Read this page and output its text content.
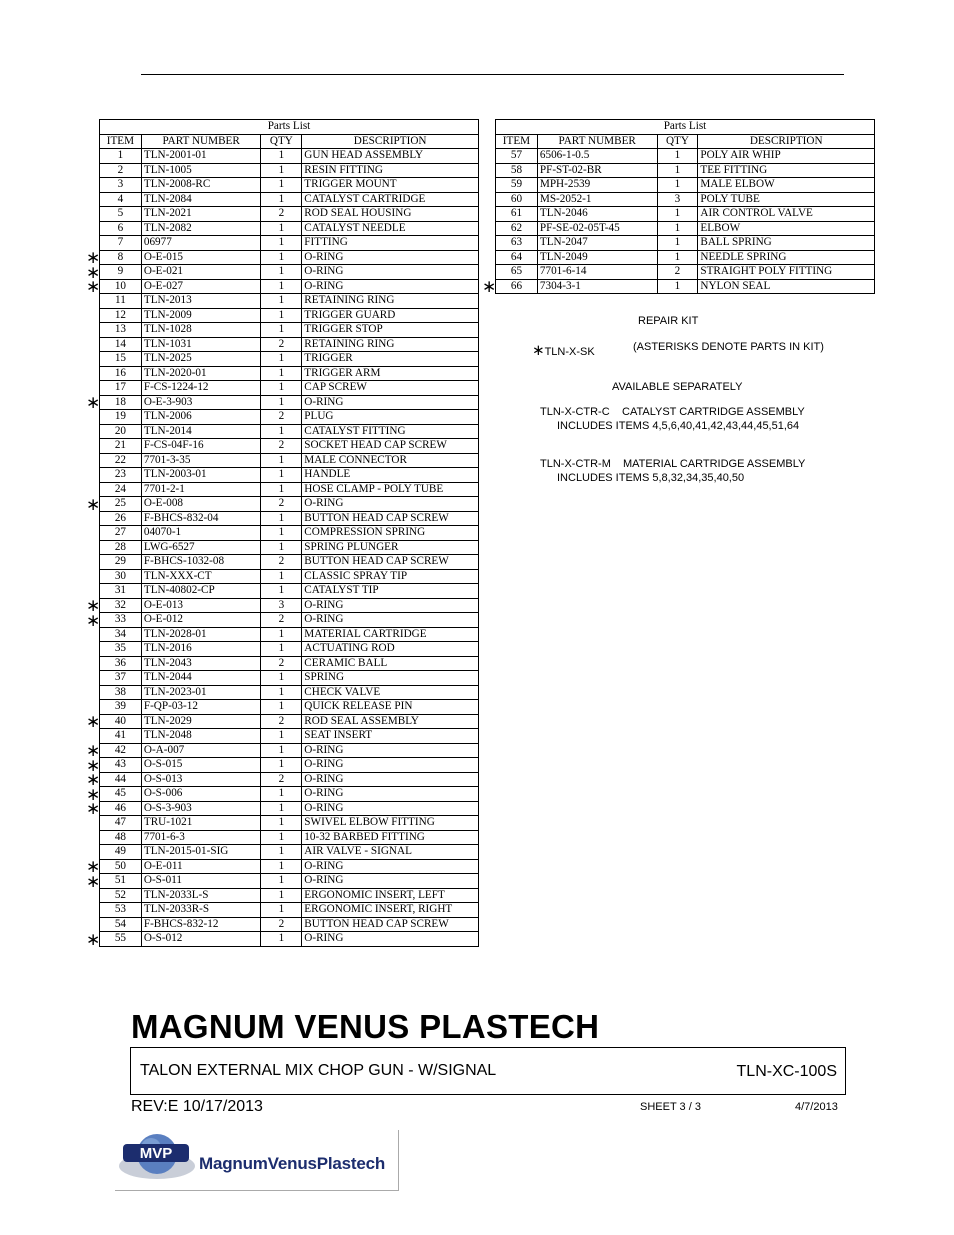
Parts List			
ITEM	PART NUMBER	QTY	DESCRIPTION
1	TLN-2001-01	1	GUN HEAD ASSEMBLY
2	TLN-1005	1	RESIN FITTING
3	TLN-2008-RC	1	TRIGGER MOUNT
4	TLN-2084	1	CATALYST CARTRIDGE
5	TLN-2021	2	ROD SEAL HOUSING
6	TLN-2082	1	CATALYST NEEDLE
7	06977	1	FITTING
8	O-E-015	1	O-RING
9	O-E-021	1	O-RING
10	O-E-027	1	O-RING
11	TLN-2013	1	RETAINING RING
12	TLN-2009	1	TRIGGER GUARD
13	TLN-1028	1	TRIGGER STOP
14	TLN-1031	2	RETAINING RING
15	TLN-2025	1	TRIGGER
16	TLN-2020-01	1	TRIGGER ARM
17	F-CS-1224-12	1	CAP SCREW
18	O-E-3-903	1	O-RING
19	TLN-2006	2	PLUG
20	TLN-2014	1	CATALYST FITTING
21	F-CS-04F-16	2	SOCKET HEAD CAP SCREW
22	7701-3-35	1	MALE CONNECTOR
23	TLN-2003-01	1	HANDLE
24	7701-2-1	1	HOSE CLAMP - POLY TUBE
25	O-E-008	2	O-RING
26	F-BHCS-832-04	1	BUTTON HEAD CAP SCREW
27	04070-1	1	COMPRESSION SPRING
28	LWG-6527	1	SPRING PLUNGER
29	F-BHCS-1032-08	2	BUTTON HEAD CAP SCREW
30	TLN-XXX-CT	1	CLASSIC SPRAY TIP
31	TLN-40802-CP	1	CATALYST TIP
32	O-E-013	3	O-RING
33	O-E-012	2	O-RING
34	TLN-2028-01	1	MATERIAL CARTRIDGE
35	TLN-2016	1	ACTUATING ROD
36	TLN-2043	2	CERAMIC BALL
37	TLN-2044	1	SPRING
38	TLN-2023-01	1	CHECK VALVE
39	F-QP-03-12	1	QUICK RELEASE PIN
40	TLN-2029	2	ROD SEAL ASSEMBLY
41	TLN-2048	1	SEAT INSERT
42	O-A-007	1	O-RING
43	O-S-015	1	O-RING
44	O-S-013	2	O-RING
45	O-S-006	1	O-RING
46	O-S-3-903	1	O-RING
47	TRU-1021	1	SWIVEL ELBOW FITTING
48	7701-6-3	1	10-32 BARBED FITTING
49	TLN-2015-01-SIG	1	AIR VALVE - SIGNAL
50	O-E-011	1	O-RING
51	O-S-011	1	O-RING
52	TLN-2033L-S	1	ERGONOMIC INSERT, LEFT
53	TLN-2033R-S	1	ERGONOMIC INSERT, RIGHT
54	F-BHCS-832-12	2	BUTTON HEAD CAP SCREW
55	O-S-012	1	O-RING
Parts List			
ITEM	PART NUMBER	QTY	DESCRIPTION
57	6506-1-0.5	1	POLY AIR WHIP
58	PF-ST-02-BR	1	TEE FITTING
59	MPH-2539	1	MALE ELBOW
60	MS-2052-1	3	POLY TUBE
61	TLN-2046	1	AIR CONTROL VALVE
62	PF-SE-02-05T-45	1	ELBOW
63	TLN-2047	1	BALL SPRING
64	TLN-2049	1	NEEDLE SPRING
65	7701-6-14	2	STRAIGHT POLY FITTING
66	7304-3-1	1	NYLON SEAL
REPAIR KIT
∗TLN-X-SK	(ASTERISKS DENOTE PARTS IN KIT)
AVAILABLE SEPARATELY
TLN-X-CTR-C CATALYST CARTRIDGE ASSEMBLY
INCLUDES ITEMS 4,5,6,40,41,42,43,44,45,51,64
TLN-X-CTR-M MATERIAL CARTRIDGE ASSEMBLY
INCLUDES ITEMS 5,8,32,34,35,40,50
MAGNUM VENUS PLASTECH
TALON EXTERNAL MIX CHOP GUN - W/SIGNAL	TLN-XC-100S
REV:E 10/17/2013	SHEET 3 / 3	4/7/2013
MVP
MagnumVenusPlastech
∗
∗
∗
∗
∗
∗
∗
∗
∗
∗
∗
∗
∗
∗
∗
∗
∗
